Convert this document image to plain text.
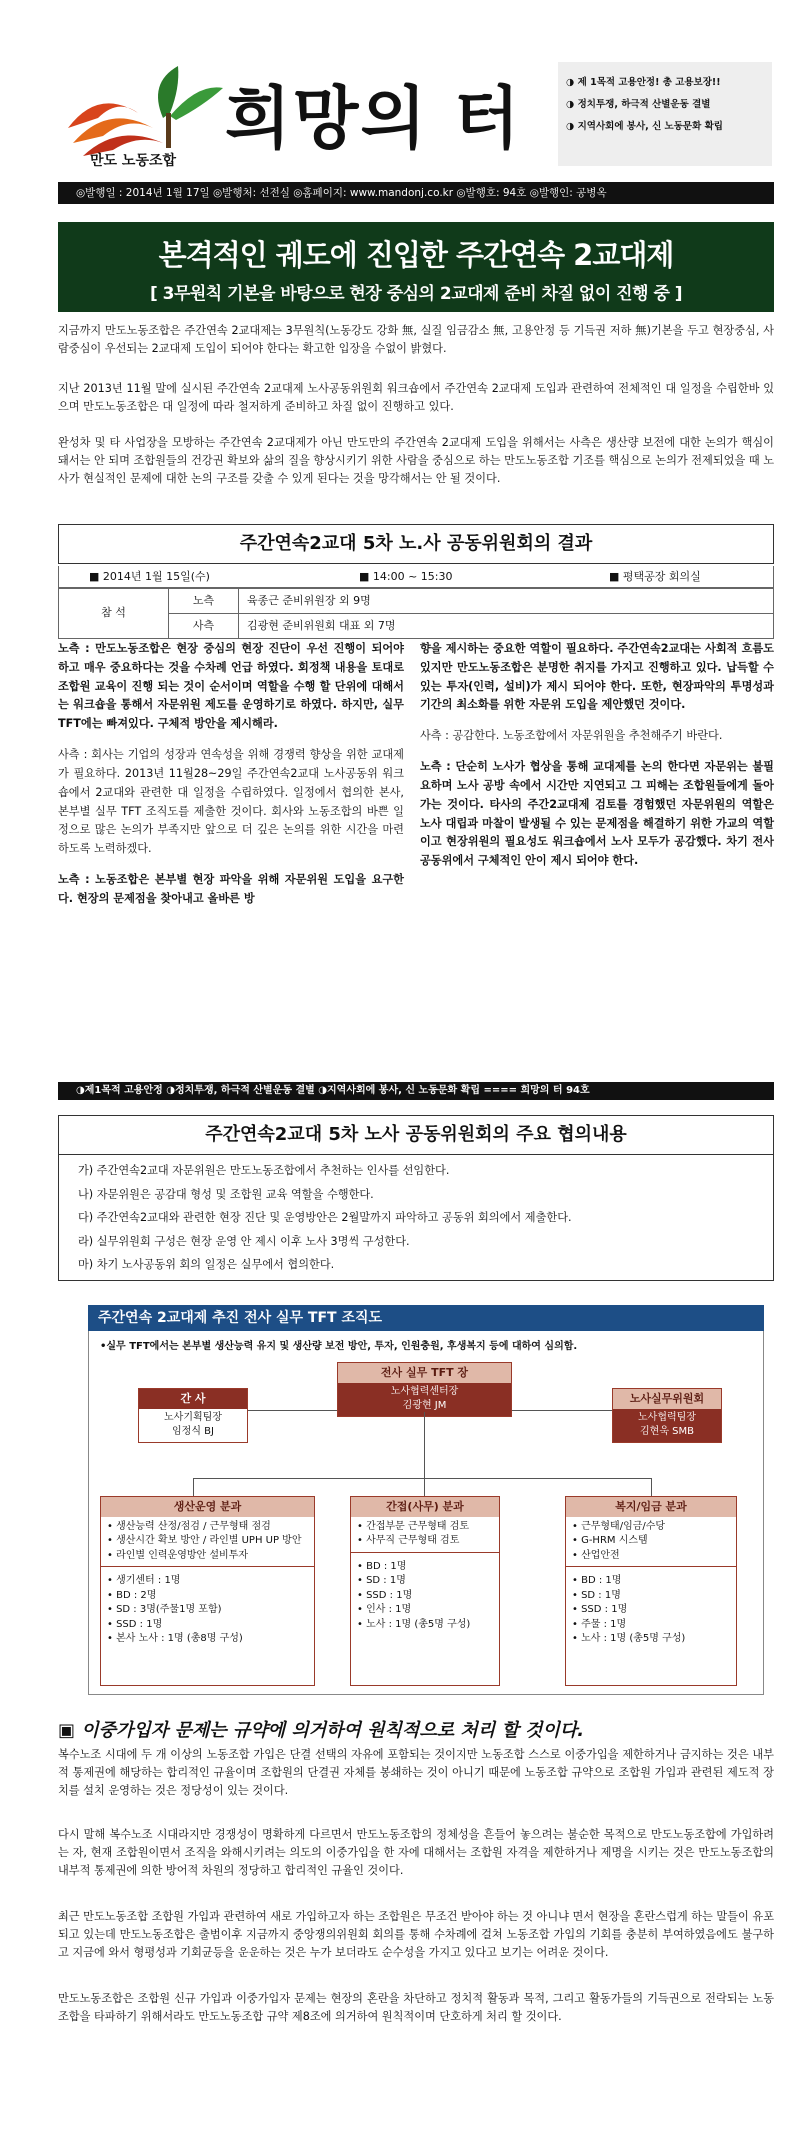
만도 노동조합
희망의 터	◑ 제 1목적 고용안정! 총 고용보장!!
◑ 정치투쟁, 하극적 산별운동 결별
◑ 지역사회에 봉사, 신 노동문화 확립
◎발행일 : 2014년 1월 17일 ◎발행처: 선전실 ◎홈페이지: www.mandonj.co.kr ◎발행호: 94호 ◎발행인: 공병옥
본격적인 궤도에 진입한 주간연속 2교대제
[ 3무원칙 기본을 바탕으로 현장 중심의 2교대제 준비 차질 없이 진행 중 ]
지금까지 만도노동조합은 주간연속 2교대제는 3무원칙(노동강도 강화 無, 실질 임금감소 無, 고용안정 등 기득권 저하 無)기본을 두고 현장중심, 사람중심이 우선되는 2교대제 도입이 되어야 한다는 확고한 입장을 수없이 밝혔다.
지난 2013년 11월 말에 실시된 주간연속 2교대제 노사공동위원회 워크숍에서 주간연속 2교대제 도입과 관련하여 전체적인 대 일정을 수립한바 있으며 만도노동조합은 대 일정에 따라 철저하게 준비하고 차질 없이 진행하고 있다.
완성차 및 타 사업장을 모방하는 주간연속 2교대제가 아닌 만도만의 주간연속 2교대제 도입을 위해서는 사측은 생산량 보전에 대한 논의가 핵심이 돼서는 안 되며 조합원들의 건강권 확보와 삶의 질을 향상시키기 위한 사람을 중심으로 하는 만도노동조합 기조를 핵심으로 논의가 전제되었을 때 노사가 현실적인 문제에 대한 논의 구조를 갖출 수 있게 된다는 것을 망각해서는 안 될 것이다.
주간연속2교대 5차 노.사 공동위원회의 결과
■ 2014년 1월 15일(수)	■ 14:00 ~ 15:30	■ 평택공장 회의실
참 석	노측	육종근 준비위원장 외 9명
	사측	김광현 준비위원회 대표 외 7명

노측 : 만도노동조합은 현장 중심의 현장 진단이 우선 진행이 되어야 하고 매우 중요하다는 것을 수차례 언급 하였다. 회정책 내용을 토대로 조합원 교육이 진행 되는 것이 순서이며 역할을 수행 할 단위에 대해서는 워크숍을 통해서 자문위원 제도를 운영하기로 하였다. 하지만, 실무TFT에는 빠져있다. 구체적 방안을 제시해라.

사측 : 회사는 기업의 성장과 연속성을 위해 경쟁력 향상을 위한 교대제가 필요하다. 2013년 11월28~29일 주간연속2교대 노사공동위 워크숍에서 2교대와 관련한 대 일정을 수립하였다. 일정에서 협의한 본사, 본부별 실무 TFT 조직도를 제출한 것이다. 회사와 노동조합의 바쁜 일정으로 많은 논의가 부족지만 앞으로 더 깊은 논의를 위한 시간을 마련하도록 노력하겠다.

노측 : 노동조합은 본부별 현장 파악을 위해 자문위원 도입을 요구한다. 현장의 문제점을 찾아내고 올바른 방

향을 제시하는 중요한 역할이 필요하다. 주간연속2교대는 사회적 흐름도 있지만 만도노동조합은 분명한 취지를 가지고 진행하고 있다. 납득할 수 있는 투자(인력, 설비)가 제시 되어야 한다. 또한, 현장파악의 투명성과 기간의 최소화를 위한 자문위 도입을 제안했던 것이다.

사측 : 공감한다. 노동조합에서 자문위원을 추천해주기 바란다.

노측 : 단순히 노사가 협상을 통해 교대제를 논의 한다면 자문위는 불필요하며 노사 공방 속에서 시간만 지연되고 그 피해는 조합원들에게 돌아가는 것이다. 타사의 주간2교대제 검토를 경험했던 자문위원의 역할은 노사 대립과 마찰이 발생될 수 있는 문제점을 해결하기 위한 가교의 역할이고 현장위원의 필요성도 워크숍에서 노사 모두가 공감했다. 차기 전사 공동위에서 구체적인 안이 제시 되어야 한다.

◑제1목적 고용안정 ◑정치투쟁, 하극적 산별운동 결별 ◑지역사회에 봉사, 신 노동문화 확립 ==== 희망의 터 94호
주간연속2교대 5차 노사 공동위원회의 주요 협의내용
가) 주간연속2교대 자문위원은 만도노동조합에서 추천하는 인사를 선임한다.
나) 자문위원은 공감대 형성 및 조합원 교육 역할을 수행한다.
다) 주간연속2교대와 관련한 현장 진단 및 운영방안은 2월말까지 파악하고 공동위 회의에서 제출한다.
라) 실무위원회 구성은 현장 운영 안 제시 이후 노사 3명씩 구성한다.
마) 차기 노사공동위 회의 일정은 실무에서 협의한다.
주간연속 2교대제 추진 전사 실무 TFT 조직도
•실무 TFT에서는 본부별 생산능력 유지 및 생산량 보전 방안, 투자, 인원충원, 후생복지 등에 대하여 심의함.
전사 실무 TFT 장
노사협력센터장
김광현 JM
간 사
노사기획팀장
임정식 BJ
노사실무위원회
노사협력팀장
김현욱 SMB
생산운영 분과
• 생산능력 산정/점검 / 근무형태 점검
• 생산시간 확보 방안 / 라인별 UPH UP 방안
• 라인별 인력운영방안 설비투자
• 생기센터 : 1명
• BD : 2명
• SD : 3명(주물1명 포함)
• SSD : 1명
• 본사 노사 : 1명 (총8명 구성)
간접(사무) 분과
• 간접부문 근무형태 검토
• 사무직 근무형태 검토
• BD : 1명
• SD : 1명
• SSD : 1명
• 인사 : 1명
• 노사 : 1명 (총5명 구성)
복지/임금 분과
• 근무형태/임금/수당
• G-HRM 시스템
• 산업안전
• BD : 1명
• SD : 1명
• SSD : 1명
• 주물 : 1명
• 노사 : 1명 (총5명 구성)
▣ 이중가입자 문제는 규약에 의거하여 원칙적으로 처리 할 것이다.
복수노조 시대에 두 개 이상의 노동조합 가입은 단결 선택의 자유에 포함되는 것이지만 노동조합 스스로 이중가입을 제한하거나 금지하는 것은 내부적 통제권에 해당하는 합리적인 규율이며 조합원의 단결권 자체를 봉쇄하는 것이 아니기 때문에 노동조합 규약으로 조합원 가입과 관련된 제도적 장치를 설치 운영하는 것은 정당성이 있는 것이다.
다시 말해 복수노조 시대라지만 경쟁성이 명확하게 다르면서 만도노동조합의 정체성을 흔들어 놓으려는 불순한 목적으로 만도노동조합에 가입하려는 자, 현재 조합원이면서 조직을 와해시키려는 의도의 이중가입을 한 자에 대해서는 조합원 자격을 제한하거나 제명을 시키는 것은 만도노동조합의 내부적 통제권에 의한 방어적 차원의 정당하고 합리적인 규율인 것이다.
최근 만도노동조합 조합원 가입과 관련하여 새로 가입하고자 하는 조합원은 무조건 받아야 하는 것 아니냐 면서 현장을 혼란스럽게 하는 말들이 유포되고 있는데 만도노동조합은 출범이후 지금까지 중앙쟁의위원회 회의를 통해 수차례에 걸쳐 노동조합 가입의 기회를 충분히 부여하였음에도 불구하고 지금에 와서 형평성과 기회균등을 운운하는 것은 누가 보더라도 순수성을 가지고 있다고 보기는 어려운 것이다.
만도노동조합은 조합원 신규 가입과 이중가입자 문제는 현장의 혼란을 차단하고 정치적 활동과 목적, 그리고 활동가들의 기득권으로 전락되는 노동조합을 타파하기 위해서라도 만도노동조합 규약 제8조에 의거하여 원칙적이며 단호하게 처리 할 것이다.
